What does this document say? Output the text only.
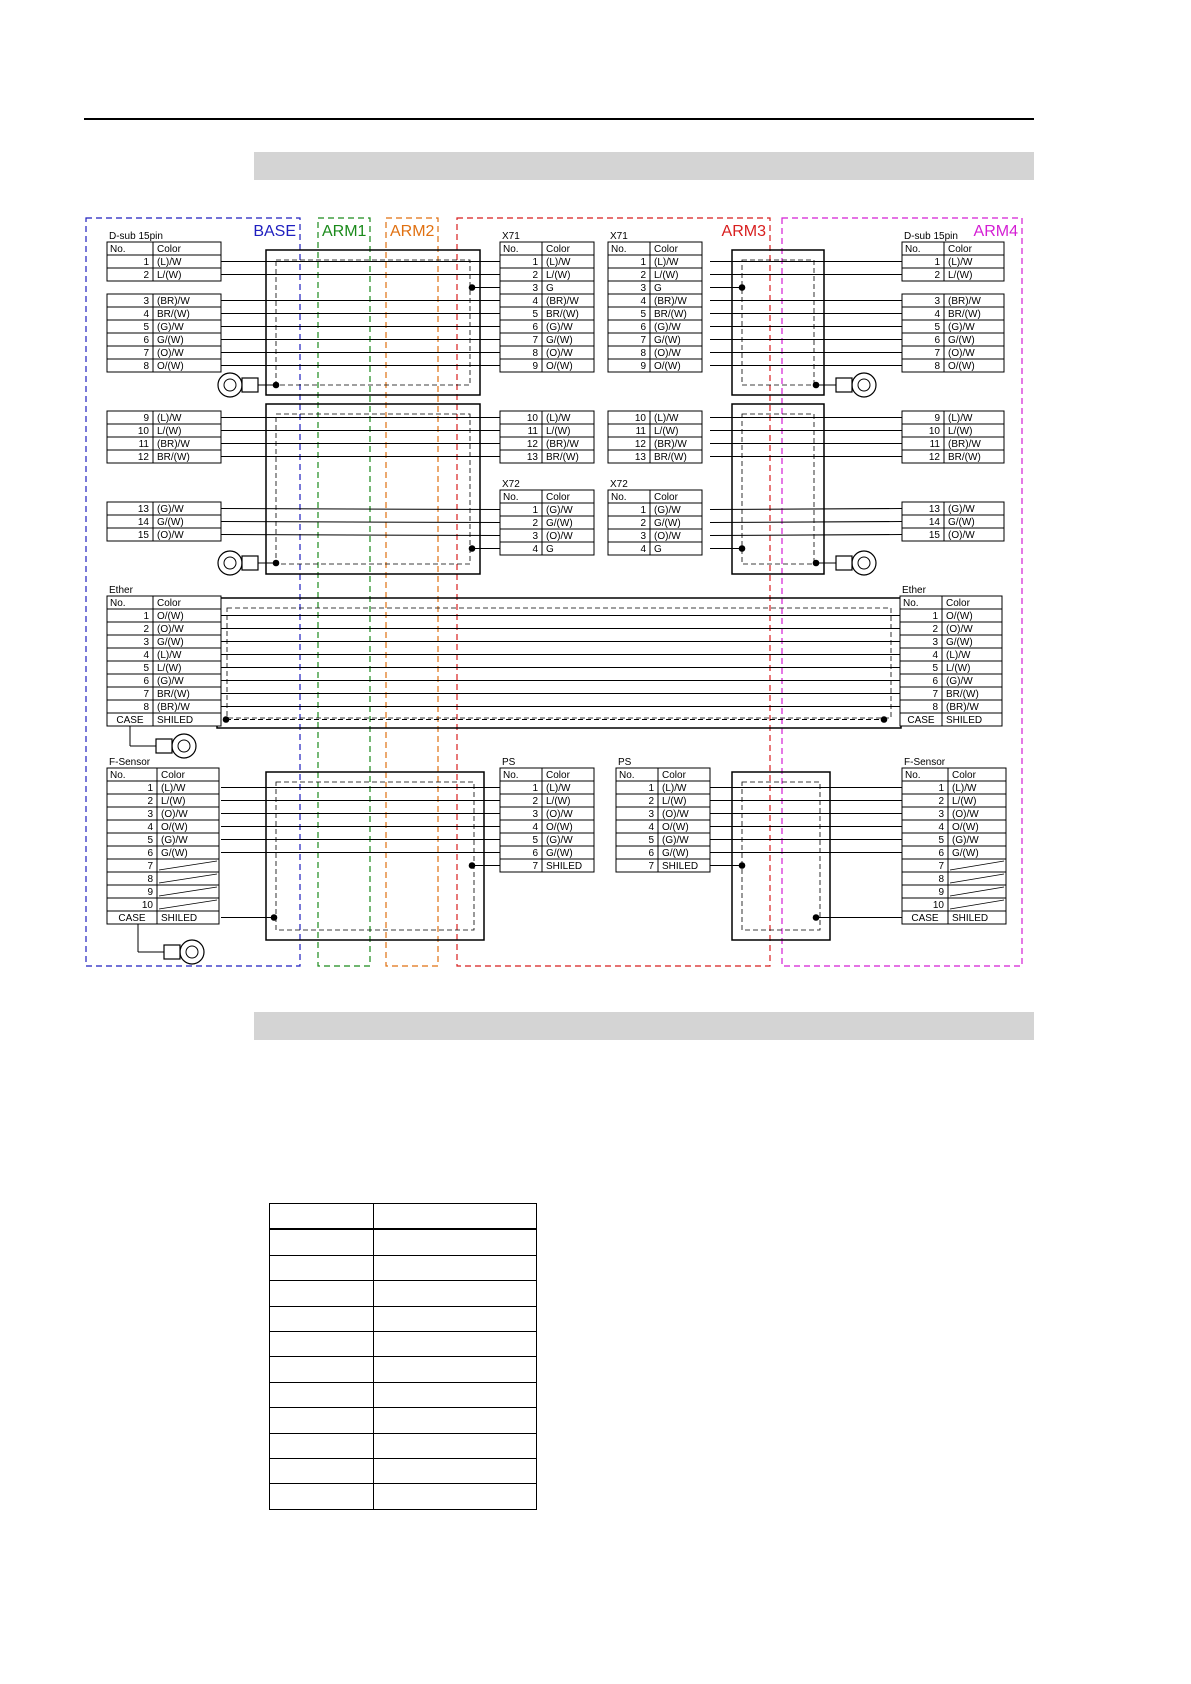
BASE ARM1 ARM2	ARM3	ARM4
D-sub 15pin
No.	Color
1 (L)/W
2 L/(W)
3 (BR)/W
4 BR/(W)
5 (G)/W
6 G/(W)
7 (O)/W
8 O/(W)
9 (L)/W
10 L/(W)
11 (BR)/W
12 BR/(W)
13 (G)/W
14 G/(W)
15 (O)/W
D-sub 15pin
No.	Color
1 (L)/W
2 L/(W)
3 (BR)/W
4 BR/(W)
5 (G)/W
6 G/(W)
7 (O)/W
8 O/(W)
9 (L)/W
10 L/(W)
11 (BR)/W
12 BR/(W)
13 (G)/W
14 G/(W)
15 (O)/W
X71
No.	Color
1 (L)/W
2 L/(W)
3 G
4 (BR)/W
5 BR/(W)
6 (G)/W
7 G/(W)
8 (O)/W
9 O/(W)
10 (L)/W
11 L/(W)
12 (BR)/W
13 BR/(W)
X71
No.	Color
1 (L)/W
2 L/(W)
3 G
4 (BR)/W
5 BR/(W)
6 (G)/W
7 G/(W)
8 (O)/W
9 O/(W)
10 (L)/W
11 L/(W)
12 (BR)/W
13 BR/(W)
X72
No.	Color
1 (G)/W
2 G/(W)
3 (O)/W
4 G
X72
No.	Color
1 (G)/W
2 G/(W)
3 (O)/W
4 G
Ether
No.	Color
1 O/(W)
2 (O)/W
3 G/(W)
4 (L)/W
5 L/(W)
6 (G)/W
7 BR/(W)
8 (BR)/W
CASE SHILED
Ether
No.	Color
1 O/(W)
2 (O)/W
3 G/(W)
4 (L)/W
5 L/(W)
6 (G)/W
7 BR/(W)
8 (BR)/W
CASE SHILED
F-Sensor
No.	Color
1 (L)/W
2 L/(W)
3 (O)/W
4 O/(W)
5 (G)/W
6 G/(W)
7
8
9
10
CASE SHILED
F-Sensor
No.	Color
1 (L)/W
2 L/(W)
3 (O)/W
4 O/(W)
5 (G)/W
6 G/(W)
7
8
9
10
CASE SHILED
PS
No.	Color
1 (L)/W
2 L/(W)
3 (O)/W
4 O/(W)
5 (G)/W
6 G/(W)
7 SHILED
PS
No.	Color
1 (L)/W
2 L/(W)
3 (O)/W
4 O/(W)
5 (G)/W
6 G/(W)
7 SHILED
